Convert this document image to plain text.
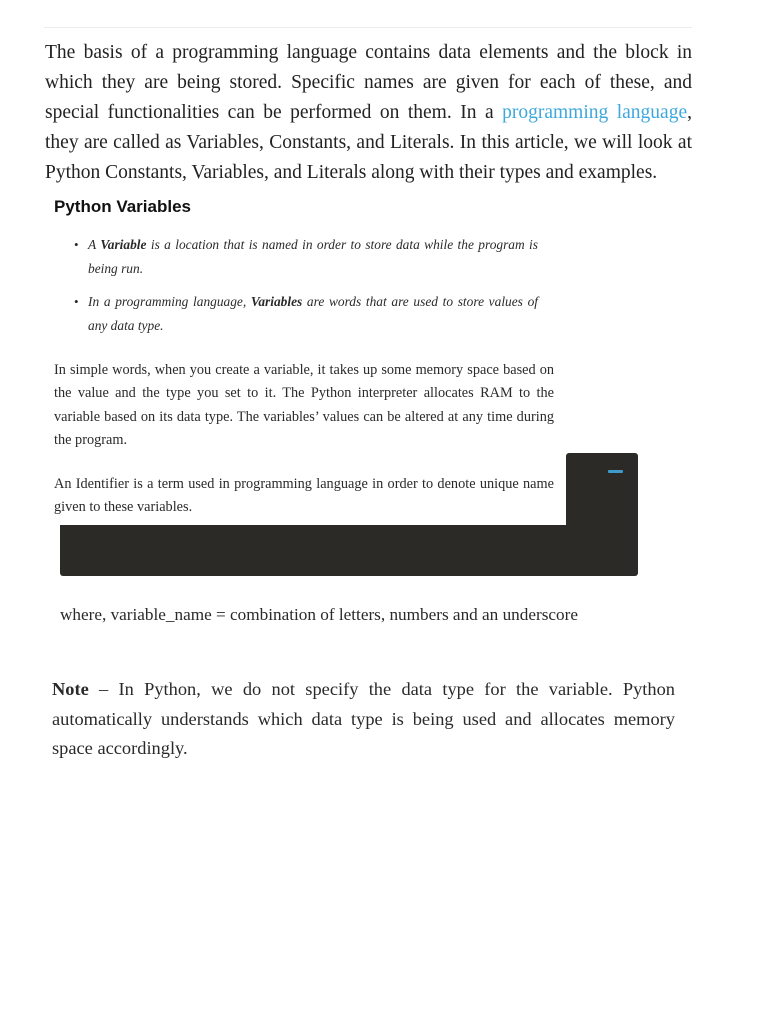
The basis of a programming language contains data elements and the block in which they are being stored. Specific names are given for each of these, and special functionalities can be performed on them. In a programming language, they are called as Variables, Constants, and Literals. In this article, we will look at Python Constants, Variables, and Literals along with their types and examples.

Python Variables
• A Variable is a location that is named in order to store data while the program is being run.
• In a programming language, Variables are words that are used to store values of any data type.

In simple words, when you create a variable, it takes up some memory space based on the value and the type you set to it. The Python interpreter allocates RAM to the variable based on its data type. The variables’ values can be altered at any time during the program.

An Identifier is a term used in programming language in order to denote unique name given to these variables.

where, variable_name = combination of letters, numbers and an underscore

Note – In Python, we do not specify the data type for the variable. Python automatically understands which data type is being used and allocates memory space accordingly.
